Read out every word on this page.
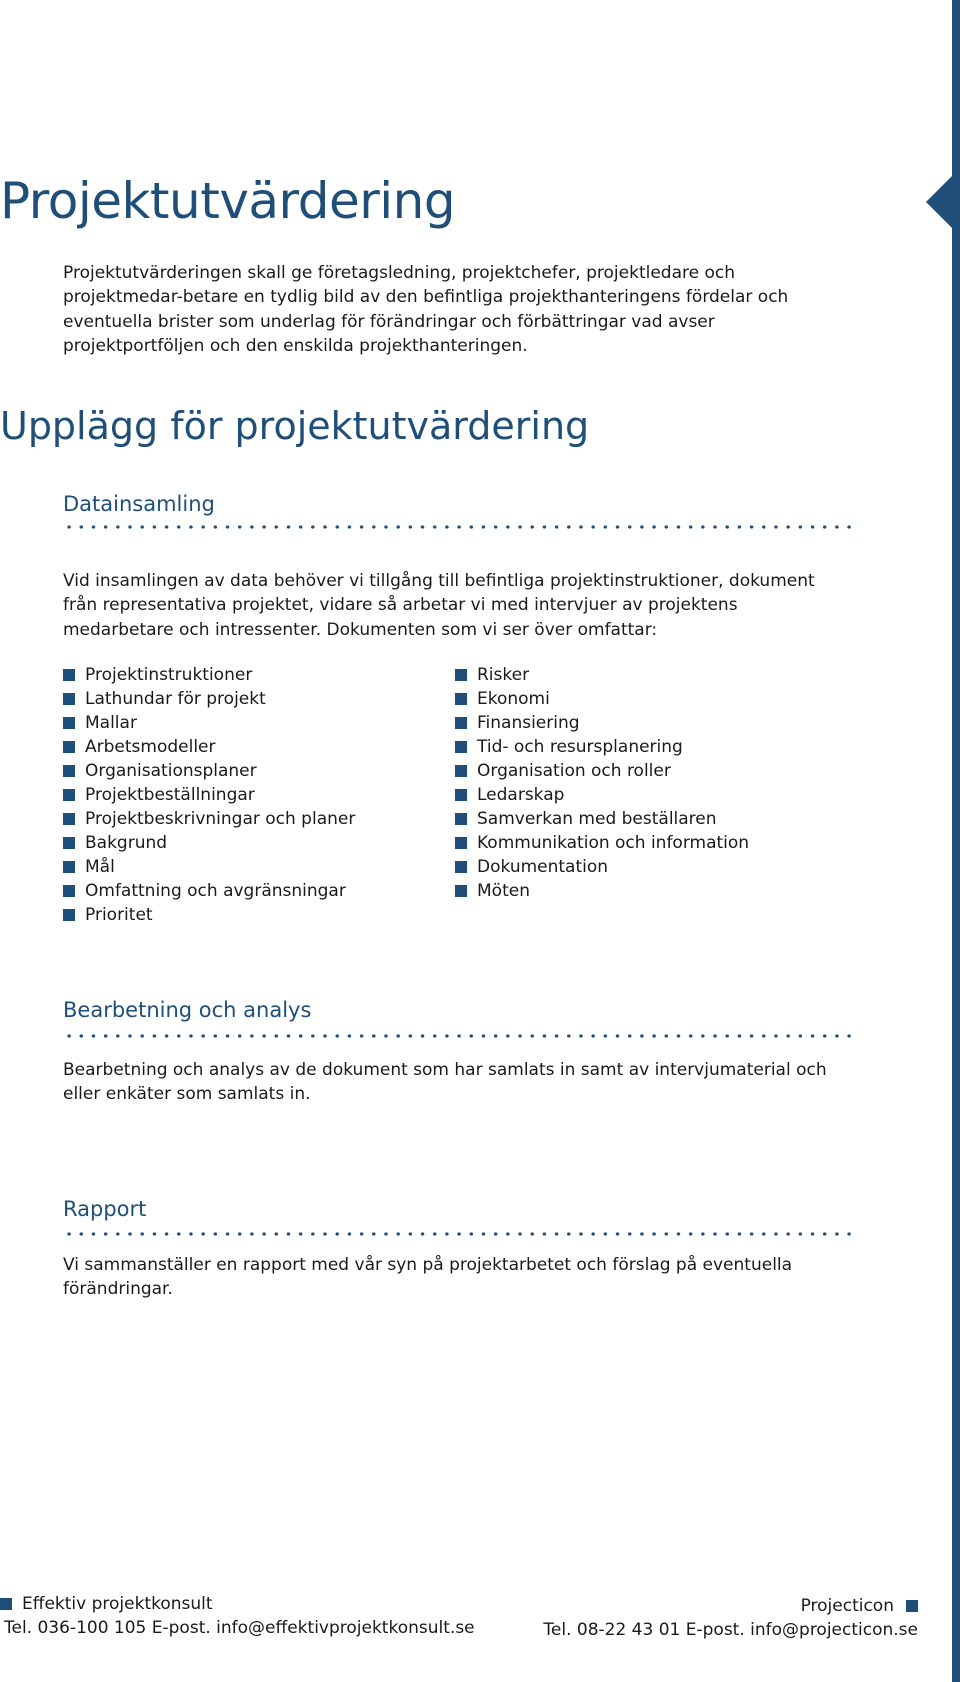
Projektutvärdering

Projektutvärderingen skall ge företagsledning, projektchefer, projektledare och projektmedar-betare en tydlig bild av den befintliga projekthanteringens fördelar och eventuella brister som underlag för förändringar och förbättringar vad avser projektportföljen och den enskilda projekthanteringen.

Upplägg för projektutvärdering
Datainsamling

Vid insamlingen av data behöver vi tillgång till befintliga projektinstruktioner, dokument från representativa projektet, vidare så arbetar vi med intervjuer av projektens medarbetare och intressenter. Dokumenten som vi ser över omfattar:

Projektinstruktioner
Lathundar för projekt
Mallar
Arbetsmodeller
Organisationsplaner
Projektbeställningar
Projektbeskrivningar och planer
Bakgrund
Mål
Omfattning och avgränsningar
Prioritet
Risker
Ekonomi
Finansiering
Tid- och resursplanering
Organisation och roller
Ledarskap
Samverkan med beställaren
Kommunikation och information
Dokumentation
Möten
Bearbetning och analys

Bearbetning och analys av de dokument som har samlats in samt av intervjumaterial och eller enkäter som samlats in.

Rapport

Vi sammanställer en rapport med vår syn på projektarbetet och förslag på eventuella förändringar.

Effektiv projektkonsult
Tel. 036-100 105 E-post. info@effektivprojektkonsult.se
Projecticon
Tel. 08-22 43 01 E-post. info@projecticon.se
